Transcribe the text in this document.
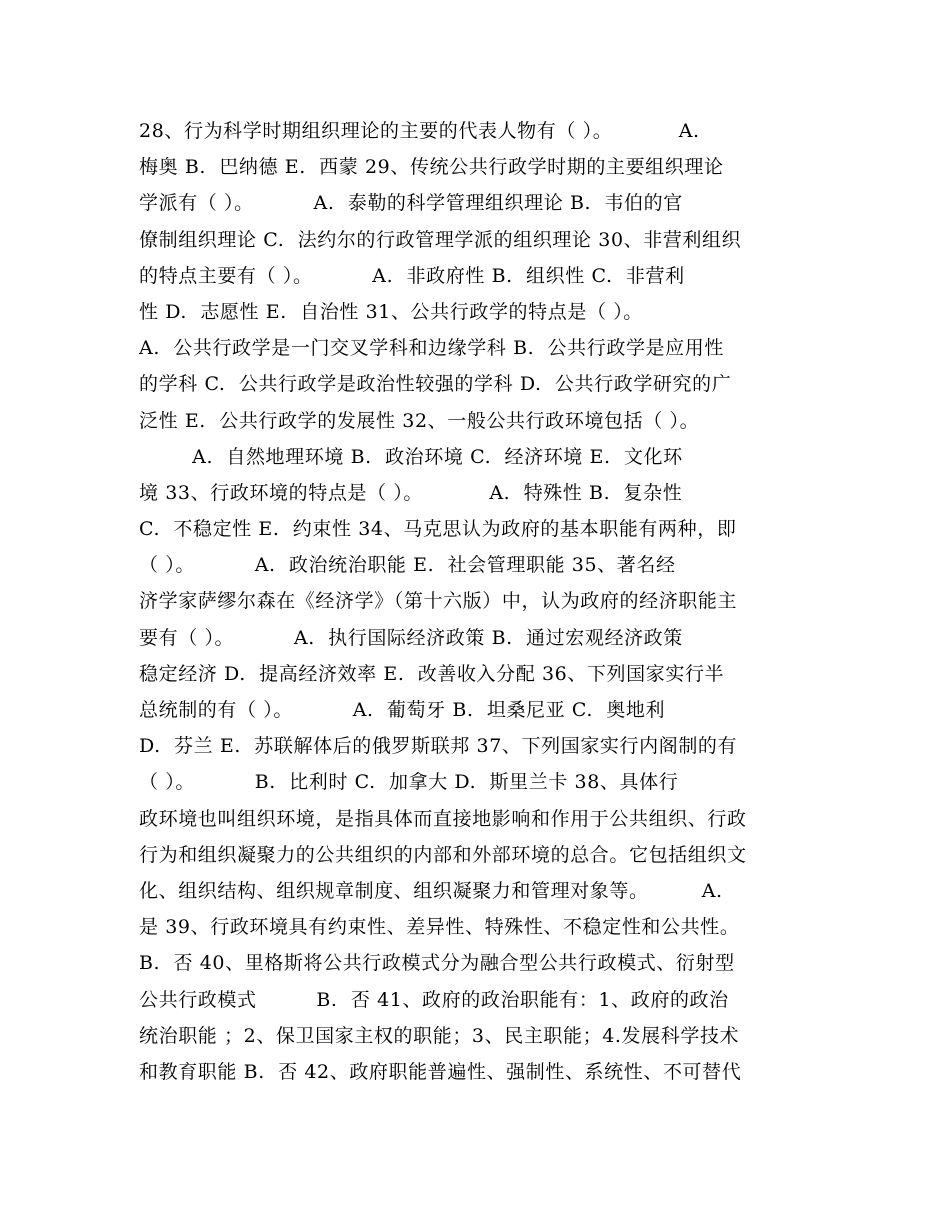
28、行为科学时期组织理论的主要的代表人物有（ ）。          A.
梅奥 B.  巴纳德 E.  西蒙 29、传统公共行政学时期的主要组织理论
学派有（ ）。         A.  泰勒的科学管理组织理论 B.  韦伯的官
僚制组织理论 C.  法约尔的行政管理学派的组织理论 30、非营利组织
的特点主要有（ ）。         A.  非政府性 B.  组织性 C.  非营利
性 D.  志愿性 E.  自治性 31、公共行政学的特点是（ ）。
A.  公共行政学是一门交叉学科和边缘学科 B.  公共行政学是应用性
的学科 C.  公共行政学是政治性较强的学科 D.  公共行政学研究的广
泛性 E.  公共行政学的发展性 32、一般公共行政环境包括（ ）。
A.  自然地理环境 B.  政治环境 C.  经济环境 E.  文化环
境 33、行政环境的特点是（ ）。          A.  特殊性 B.  复杂性
C.  不稳定性 E.  约束性 34、马克思认为政府的基本职能有两种，即
（ ）。         A.  政治统治职能 E.  社会管理职能 35、著名经
济学家萨缪尔森在《经济学》（第十六版）中，认为政府的经济职能主
要有（ ）。         A.  执行国际经济政策 B.  通过宏观经济政策
稳定经济 D.  提高经济效率 E.  改善收入分配 36、下列国家实行半
总统制的有（ ）。         A.  葡萄牙 B.  坦桑尼亚 C.  奥地利
D.  芬兰 E.  苏联解体后的俄罗斯联邦 37、下列国家实行内阁制的有
（ ）。         B.  比利时 C.  加拿大 D.  斯里兰卡 38、具体行
政环境也叫组织环境，是指具体而直接地影响和作用于公共组织、行政
行为和组织凝聚力的公共组织的内部和外部环境的总合。它包括组织文
化、组织结构、组织规章制度、组织凝聚力和管理对象等。        A.
是 39、行政环境具有约束性、差异性、特殊性、不稳定性和公共性。
B.  否 40、里格斯将公共行政模式分为融合型公共行政模式、衍射型
公共行政模式         B.  否 41、政府的政治职能有：1、政府的政治
统治职能 ；2、保卫国家主权的职能；3、民主职能；4.发展科学技术
和教育职能 B.  否 42、政府职能普遍性、强制性、系统性、不可替代
